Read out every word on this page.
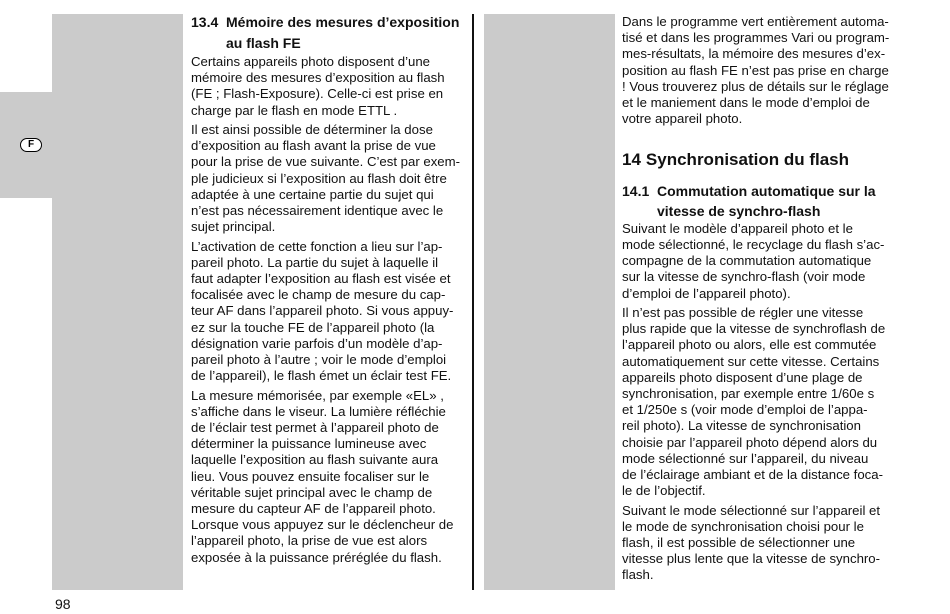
F
13.4 Mémoire des mesures d’exposition
au flash FE

Certains appareils photo disposent d’une
mémoire des mesures d’exposition au flash
(FE ; Flash-Exposure). Celle-ci est prise en
charge par le flash en mode ETTL .

Il est ainsi possible de déterminer la dose
d’exposition au flash avant la prise de vue
pour la prise de vue suivante. C’est par exem-
ple judicieux si l’exposition au flash doit être
adaptée à une certaine partie du sujet qui
n’est pas nécessairement identique avec le
sujet principal.

L’activation de cette fonction a lieu sur l’ap-
pareil photo. La partie du sujet à laquelle il
faut adapter l’exposition au flash est visée et
focalisée avec le champ de mesure du cap-
teur AF dans l’appareil photo. Si vous appuy-
ez sur la touche FE de l’appareil photo (la
désignation varie parfois d’un modèle d’ap-
pareil photo à l’autre ; voir le mode d’emploi
de l’appareil), le flash émet un éclair test FE.

La mesure mémorisée, par exemple «EL» ,
s’affiche dans le viseur. La lumière réfléchie
de l’éclair test permet à l’appareil photo de
déterminer la puissance lumineuse avec
laquelle l’exposition au flash suivante aura
lieu. Vous pouvez ensuite focaliser sur le
véritable sujet principal avec le champ de
mesure du capteur AF de l’appareil photo.
Lorsque vous appuyez sur le déclencheur de
l’appareil photo, la prise de vue est alors
exposée à la puissance préréglée du flash.

Dans le programme vert entièrement automa-
tisé et dans les programmes Vari ou program-
mes-résultats, la mémoire des mesures d’ex-
position au flash FE n’est pas prise en charge
! Vous trouverez plus de détails sur le réglage
et le maniement dans le mode d’emploi de
votre appareil photo.

14 Synchronisation du flash
14.1 Commutation automatique sur la
vitesse de synchro-flash

Suivant le modèle d’appareil photo et le
mode sélectionné, le recyclage du flash s’ac-
compagne de la commutation automatique
sur la vitesse de synchro-flash (voir mode
d’emploi de l’appareil photo).

Il n’est pas possible de régler une vitesse
plus rapide que la vitesse de synchroflash de
l’appareil photo ou alors, elle est commutée
automatiquement sur cette vitesse. Certains
appareils photo disposent d’une plage de
synchronisation, par exemple entre 1/60e s
et 1/250e s (voir mode d’emploi de l’appa-
reil photo). La vitesse de synchronisation
choisie par l’appareil photo dépend alors du
mode sélectionné sur l’appareil, du niveau
de l’éclairage ambiant et de la distance foca-
le de l’objectif.

Suivant le mode sélectionné sur l’appareil et
le mode de synchronisation choisi pour le
flash, il est possible de sélectionner une
vitesse plus lente que la vitesse de synchro-
flash.

98
